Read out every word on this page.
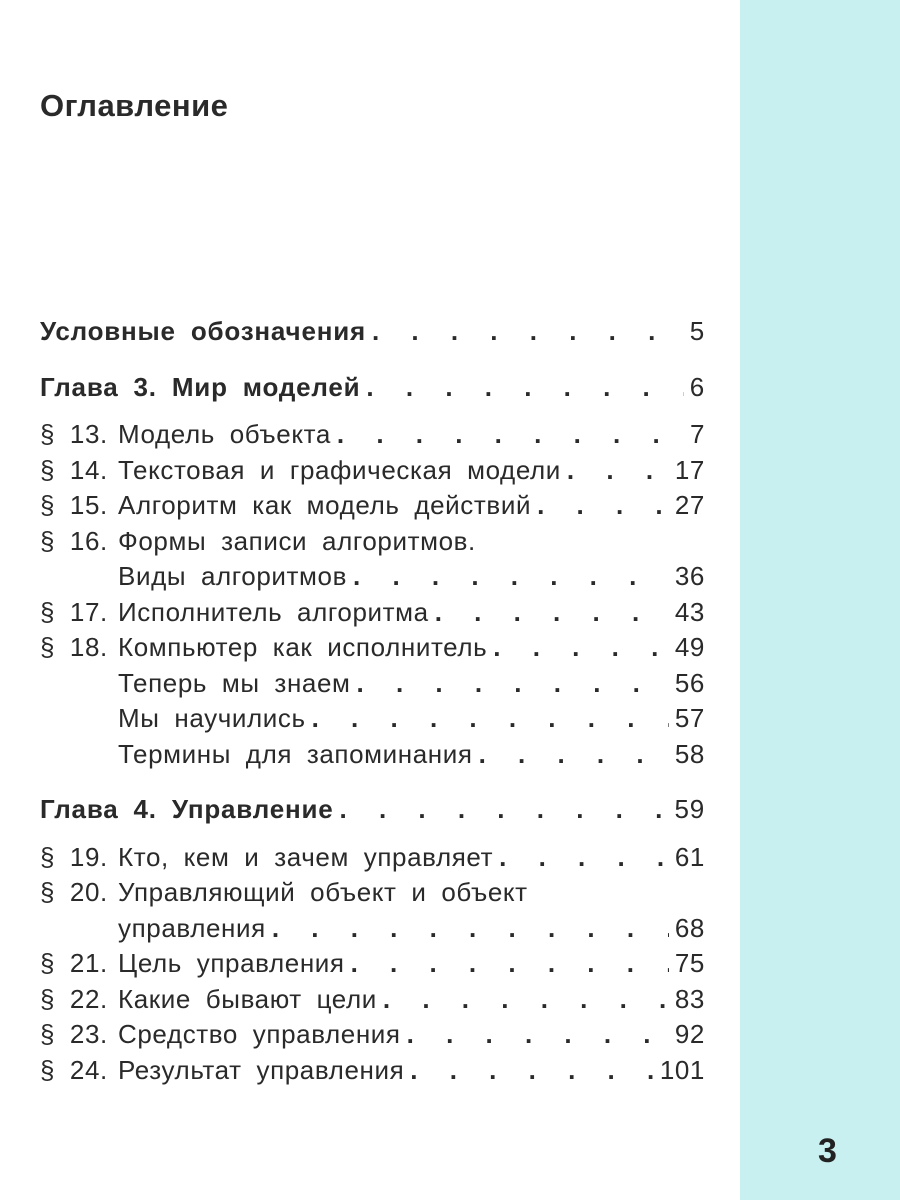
Оглавление
Условные обозначения . . .	5
Глава 3. Мир моделей . . .	6
§ 13. Модель объекта . . .	7
§ 14. Текстовая и графическая модели . . .	17
§ 15. Алгоритм как модель действий . . .	27
§ 16. Формы записи алгоритмов.
Виды алгоритмов . . .	36
§ 17. Исполнитель алгоритма . . .	43
§ 18. Компьютер как исполнитель . . .	49
Теперь мы знаем . . .	56
Мы научились . . .	57
Термины для запоминания . . .	58
Глава 4. Управление . . .	59
§ 19. Кто, кем и зачем управляет . . .	61
§ 20. Управляющий объект и объект
управления . . .	68
§ 21. Цель управления . . .	75
§ 22. Какие бывают цели . . .	83
§ 23. Средство управления . . .	92
§ 24. Результат управления . . .	101
3
